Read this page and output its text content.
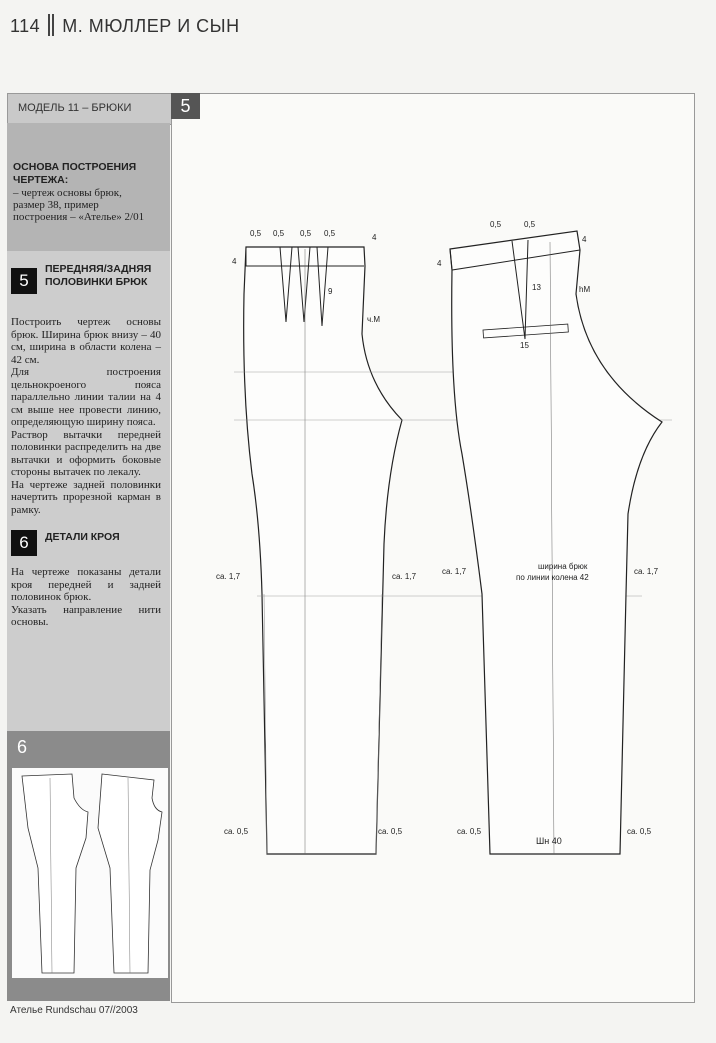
114 М. МЮЛЛЕР И СЫН
МОДЕЛЬ 11 – БРЮКИ
ОСНОВА ПОСТРОЕНИЯ ЧЕРТЕЖА:
– чертеж основы брюк,
размер 38, пример
построения – «Ателье» 2/01
5
ПЕРЕДНЯЯ/ЗАДНЯЯ
ПОЛОВИНКИ БРЮК
Построить чертеж основы брюк. Ширина брюк внизу – 40 см, ширина в области колена – 42 см.
Для построения цельнокроеного пояса параллельно линии талии на 4 см выше нее провести линию, определяющую ширину пояса.
Раствор вытачки передней половинки распределить на две вытачки и оформить боковые стороны вытачек по лекалу.
На чертеже задней половинки начертить прорезной карман в рамку.
6	ДЕТАЛИ КРОЯ
На чертеже показаны детали кроя передней и задней половинок брюк.
Указать направление нити основы.
6
0,5 0,5 0,5 0,5	4
4
9
ч.М
ca. 1,7	ca. 1,7
ca. 0,5	ca. 0,5
0,5	0,5
4
4
13	hM
15
ширина брюк
по линии колена 42
Шн 40
ca. 1,7	ca. 1,7
ca. 0,5	ca. 0,5
5
Ателье Rundschau 07//2003
